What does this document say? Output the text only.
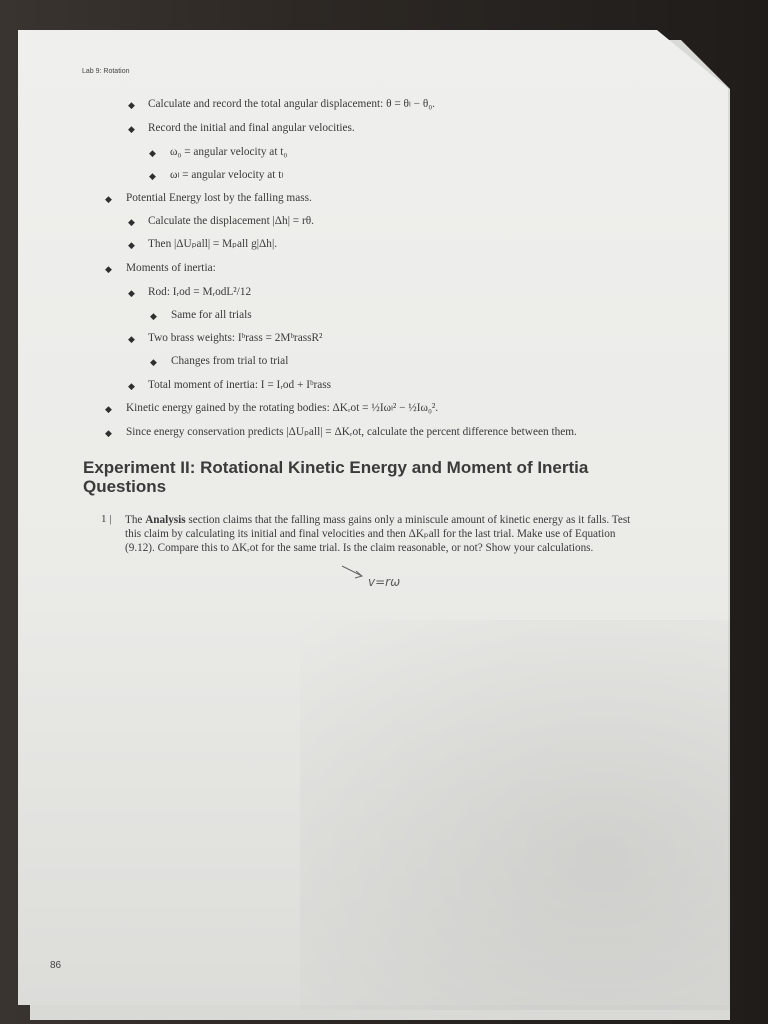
Lab 9: Rotation
◆ Calculate and record the total angular displacement: θ = θₗ − θ₀.
◆ Record the initial and final angular velocities.
◆ ω₀ = angular velocity at t₀
◆ ωₗ = angular velocity at tₗ
◆ Potential Energy lost by the falling mass.
◆ Calculate the displacement |Δh| = rθ.
◆ Then |ΔUₚall| = Mₚall g|Δh|.
◆ Moments of inertia:
◆ Rod: Iᵣod = MᵣodL²/12
◆ Same for all trials
◆ Two brass weights: Iᵇrass = 2MᵇrassR²
◆ Changes from trial to trial
◆ Total moment of inertia: I = Iᵣod + Iᵇrass
◆ Kinetic energy gained by the rotating bodies: ΔKᵣot = ½Iωₗ² − ½Iω₀².
◆ Since energy conservation predicts |ΔUₚall| = ΔKᵣot, calculate the percent difference between them.
Experiment II: Rotational Kinetic Energy and Moment of Inertia Questions
1 | The Analysis section claims that the falling mass gains only a miniscule amount of kinetic energy as it falls. Test this claim by calculating its initial and final velocities and then ΔKₚall for the last trial. Make use of Equation (9.12). Compare this to ΔKᵣot for the same trial. Is the claim reasonable, or not? Show your calculations.
v=rω
86
